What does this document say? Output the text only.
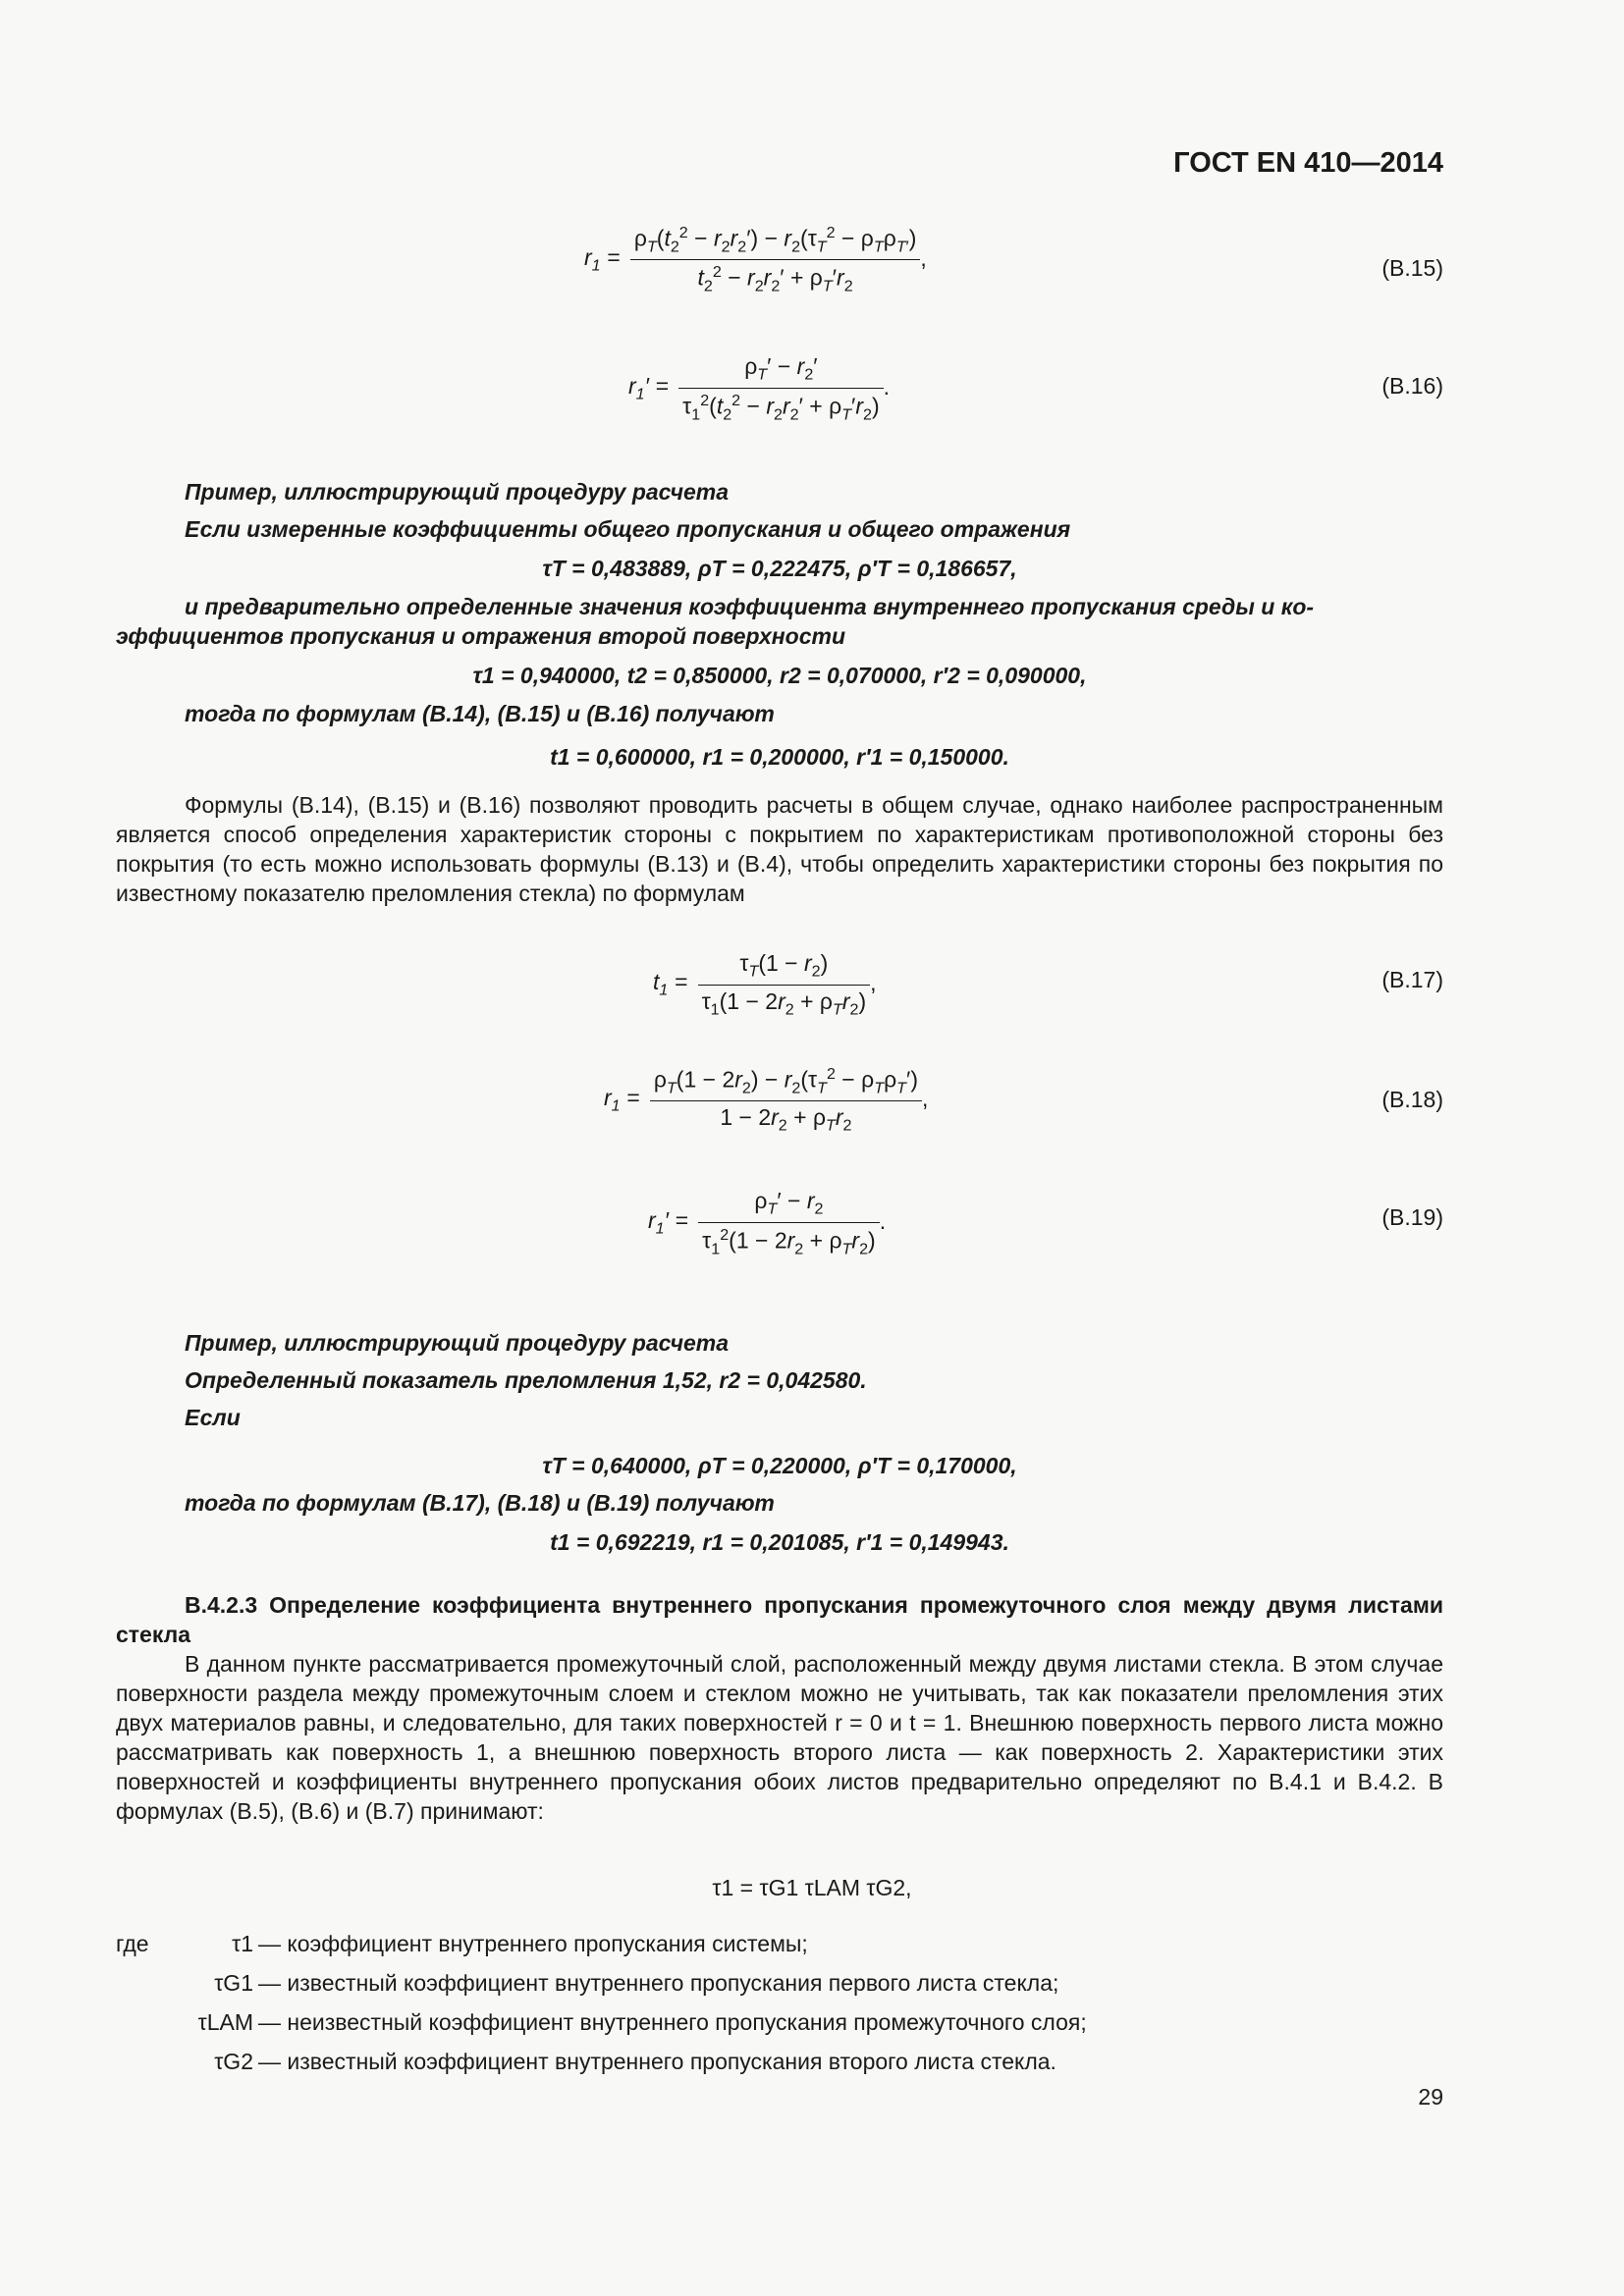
ГОСТ EN 410—2014
$r_1 = \frac{\rho_T(t_2^2 - r_2r_2') - r_2(\tau_T^2 - \rho_T\rho_{T'})}{t_2^2 - r_2r_2' + \rho_T'r_2}$ ,	(B.15)
$r_1' = \frac{\rho_T' - r_2'}{\tau_1^2(t_2^2 - r_2r_2' + \rho_T'r_2)}$ .	(B.16)
Пример, иллюстрирующий процедуру расчета
Если измеренные коэффициенты общего пропускания и общего отражения
τT = 0,483889, ρT = 0,222475, ρ′T = 0,186657,
и предварительно определенные значения коэффициента внутреннего пропускания среды и ко-
эффициентов пропускания и отражения второй поверхности
τ1 = 0,940000, t2 = 0,850000, r2 = 0,070000, r′2 = 0,090000,
тогда по формулам (B.14), (B.15) и (B.16) получают
t1 = 0,600000, r1 = 0,200000, r′1 = 0,150000.
Формулы (B.14), (B.15) и (B.16) позволяют проводить расчеты в общем случае, однако наиболее распространенным является способ определения характеристик стороны с покрытием по характеристикам противоположной стороны без покрытия (то есть можно использовать формулы (B.13) и (B.4), чтобы определить характеристики стороны без покрытия по известному показателю преломления стекла) по формулам
$t_1 = \frac{\tau_T(1 - r_2)}{\tau_1(1 - 2r_2 + \rho_Tr_2)}$ ,	(B.17)
$r_1 = \frac{\rho_T(1 - 2r_2) - r_2(\tau_T^2 - \rho_T\rho_T')}{1 - 2r_2 + \rho_Tr_2}$ ,	(B.18)
$r_1' = \frac{\rho_T' - r_2}{\tau_1^2(1 - 2r_2 + \rho_Tr_2)}$ .	(B.19)
Пример, иллюстрирующий процедуру расчета
Определенный показатель преломления 1,52, r2 = 0,042580.
Если
τT = 0,640000, ρT = 0,220000, ρ′T = 0,170000,
тогда по формулам (B.17), (B.18) и (B.19) получают
t1 = 0,692219, r1 = 0,201085, r′1 = 0,149943.
B.4.2.3 Определение коэффициента внутреннего пропускания промежуточного слоя между двумя листами стекла
В данном пункте рассматривается промежуточный слой, расположенный между двумя листами стекла. В этом случае поверхности раздела между промежуточным слоем и стеклом можно не учитывать, так как показатели преломления этих двух материалов равны, и следовательно, для таких поверхностей r = 0 и t = 1. Внешнюю поверхность первого листа можно рассматривать как поверхность 1, а внешнюю поверхность второго листа — как поверхность 2. Характеристики этих поверхностей и коэффициенты внутреннего пропускания обоих листов предварительно определяют по B.4.1 и B.4.2. В формулах (B.5), (B.6) и (B.7) принимают:
τ1 = τG1 τLAM τG2,
где	τ1 — коэффициент внутреннего пропускания системы;
τG1 — известный коэффициент внутреннего пропускания первого листа стекла;
τLAM — неизвестный коэффициент внутреннего пропускания промежуточного слоя;
τG2 — известный коэффициент внутреннего пропускания второго листа стекла.
29
